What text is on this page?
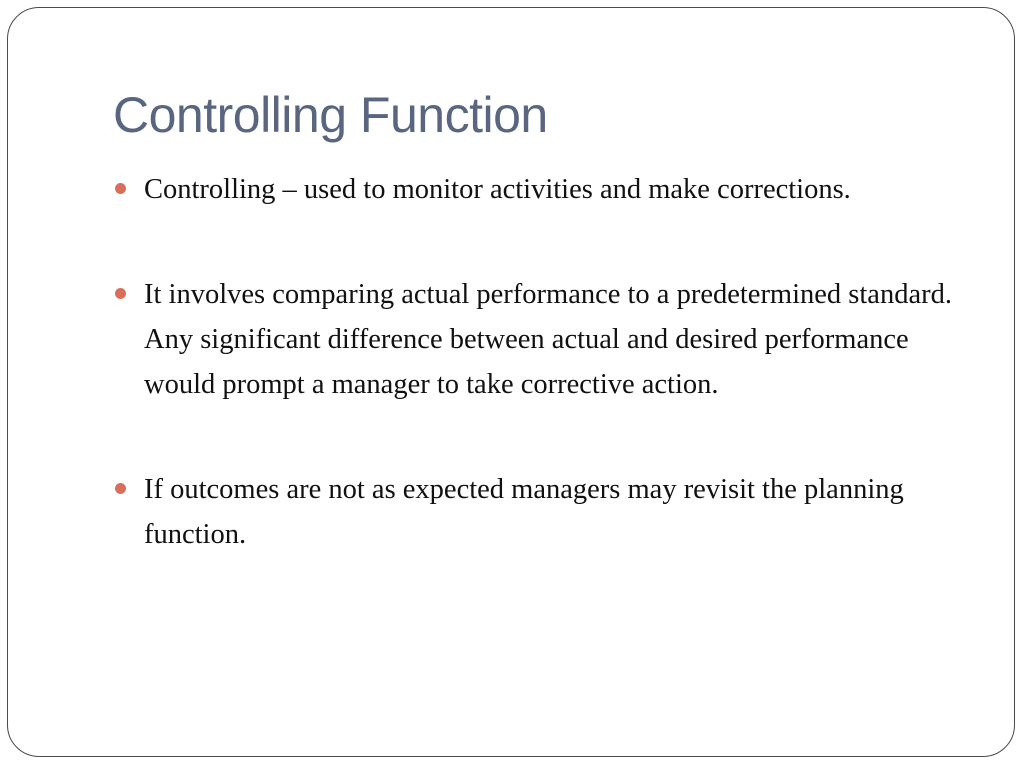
Controlling Function
Controlling – used to monitor activities and make corrections.
It involves comparing actual performance to a predetermined standard. Any significant difference between actual and desired performance would prompt a manager to take corrective action.
If outcomes are not as expected managers may revisit the planning function.
